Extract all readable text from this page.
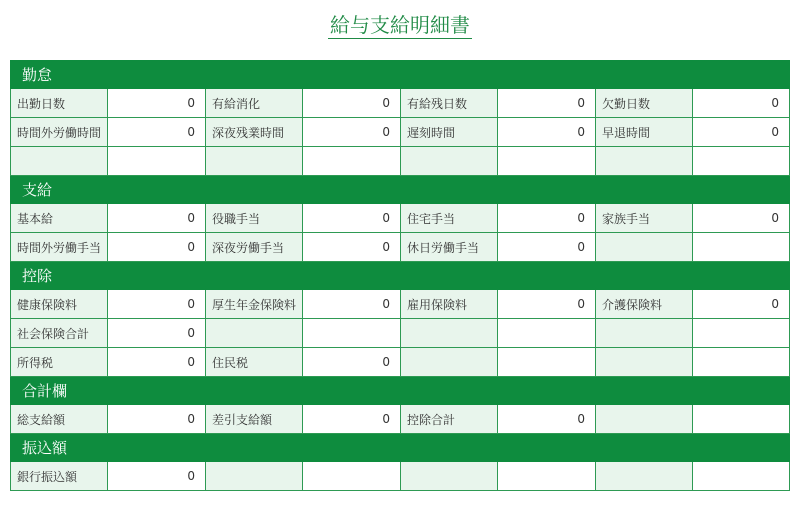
給与支給明細書
勤怠							
出勤日数	0	有給消化	0	有給残日数	0	欠勤日数	0
時間外労働時間	0	深夜残業時間	0	遅刻時間	0	早退時間	0

支給							
基本給	0	役職手当	0	住宅手当	0	家族手当	0
時間外労働手当	0	深夜労働手当	0	休日労働手当	0		
控除							
健康保険料	0	厚生年金保険料	0	雇用保険料	0	介護保険料	0
社会保険合計	0						
所得税	0	住民税	0				
合計欄							
総支給額	0	差引支給額	0	控除合計	0		
振込額							
銀行振込額	0						
